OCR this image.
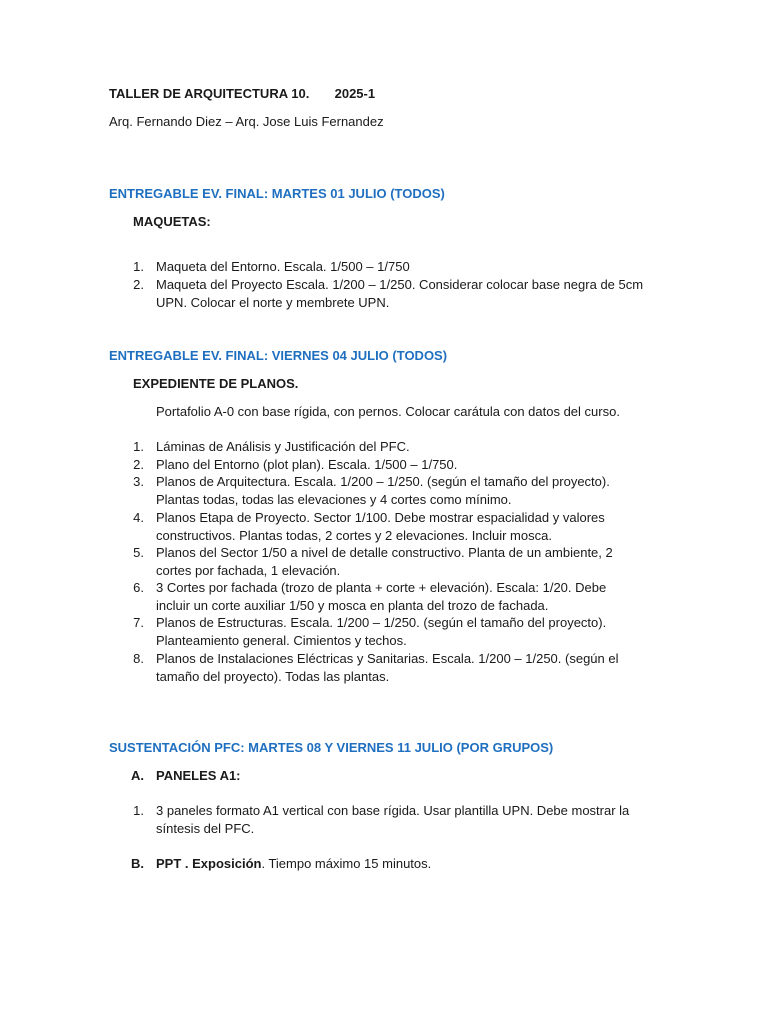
TALLER DE ARQUITECTURA 10. 2025-1
Arq. Fernando Diez – Arq. Jose Luis Fernandez
ENTREGABLE EV. FINAL: MARTES 01 JULIO (TODOS)
MAQUETAS:
1. Maqueta del Entorno. Escala. 1/500 – 1/750
2. Maqueta del Proyecto Escala. 1/200 – 1/250. Considerar colocar base negra de 5cm UPN. Colocar el norte y membrete UPN.
ENTREGABLE EV. FINAL: VIERNES 04 JULIO (TODOS)
EXPEDIENTE DE PLANOS.
Portafolio A-0 con base rígida, con pernos. Colocar carátula con datos del curso.
1. Láminas de Análisis y Justificación del PFC.
2. Plano del Entorno (plot plan). Escala. 1/500 – 1/750.
3. Planos de Arquitectura. Escala. 1/200 – 1/250. (según el tamaño del proyecto). Plantas todas, todas las elevaciones y 4 cortes como mínimo.
4. Planos Etapa de Proyecto. Sector 1/100. Debe mostrar espacialidad y valores constructivos. Plantas todas, 2 cortes y 2 elevaciones. Incluir mosca.
5. Planos del Sector 1/50 a nivel de detalle constructivo. Planta de un ambiente, 2 cortes por fachada, 1 elevación.
6. 3 Cortes por fachada (trozo de planta + corte + elevación). Escala: 1/20. Debe incluir un corte auxiliar 1/50 y mosca en planta del trozo de fachada.
7. Planos de Estructuras. Escala. 1/200 – 1/250. (según el tamaño del proyecto). Planteamiento general. Cimientos y techos.
8. Planos de Instalaciones Eléctricas y Sanitarias. Escala. 1/200 – 1/250. (según el tamaño del proyecto). Todas las plantas.
SUSTENTACIÓN PFC: MARTES 08 Y VIERNES 11 JULIO (POR GRUPOS)
A. PANELES A1:
1. 3 paneles formato A1 vertical con base rígida. Usar plantilla UPN. Debe mostrar la síntesis del PFC.
B. PPT . Exposición. Tiempo máximo 15 minutos.
